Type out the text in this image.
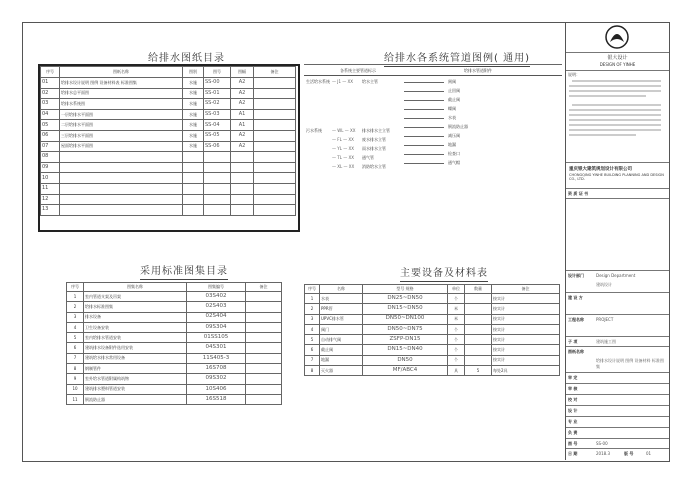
给排水图纸目录
序号	图纸名称	图别	图号	图幅	备注
01	给排水设计说明 图例 设备材料表 标准图集	水施	SS-00	A2	
02	给排水总平面图	水施	SS-01	A2	
03	给排水系统图	水施	SS-02	A2	
04	一层给排水平面图	水施	SS-03	A1	
05	二层给排水平面图	水施	SS-04	A1	
06	三层给排水平面图	水施	SS-05	A2	
07	屋面给排水平面图	水施	SS-06	A2	
08					
09					
10					
11					
12					
13					
给排水各系统管道图例( 通用)
各系统主要管道标示	给排水管道附件
生活给水系统 — J1 — XX 给水主管
污水系统	— WL — XX 排水排水主立管
— FL — XX 废水排水立管
— YL — XX 雨水排水立管
— TL — XX 通气管
— XL — XX 消防给水立管
闸阀
止回阀
截止阀
蝶阀
水表
倒流防止器
减压阀
地漏
检查口
通气帽
采用标准图集目录
序号	图集名称	图集编号	备注
1	室内管道支架及吊架	03S402	
2	给排水标准图集	02S403	
3	排水设备	02S404	
4	卫生设备安装	09S304	
5	室内给排水管道安装	01SS105	
6	建筑排水设备附件选用安装	04S301	
7	建筑给水排水常用设备	11S405-3	
8	钢制管件	16S708	
9	室外给水管道附属构筑物	09S302	
10	建筑排水塑料管道安装	10S406	
11	倒流防止器	16S518	
主要设备及材料表
序号	名称	型号 规格	单位	数量	备注
1	水表	DN25~DN50	个		按实计
2	PPR管	DN15~DN50	米		按实计
3	UPVC排水管	DN50~DN100	米		按实计
4	阀门	DN50~DN75	个		按实计
5	自动排气阀	ZSFP-DN15	个		按实计
6	截止阀	DN15~DN40	个		按实计
7	地漏	DN50	个		按实计
8	灭火器	MF/ABC4	具	5	每处2具
银大设计
DESIGN OF YINHE
说明：
重庆银大建筑规划设计有限公司
CHONGQING YINHE BUILDING PLANNING AND DESIGN CO., LTD.
资 质 证 书
设计部门	Design Department
建筑设计
建 设 方
工程名称	PROJECT
子 项	建筑施工图
图纸名称
给排水设计说明 图例 设备材料 标准图集
审 定
审 核
校 对
设 计
专 业
负 责
图 号	SS-00
日 期	2018.3	版 号	01
